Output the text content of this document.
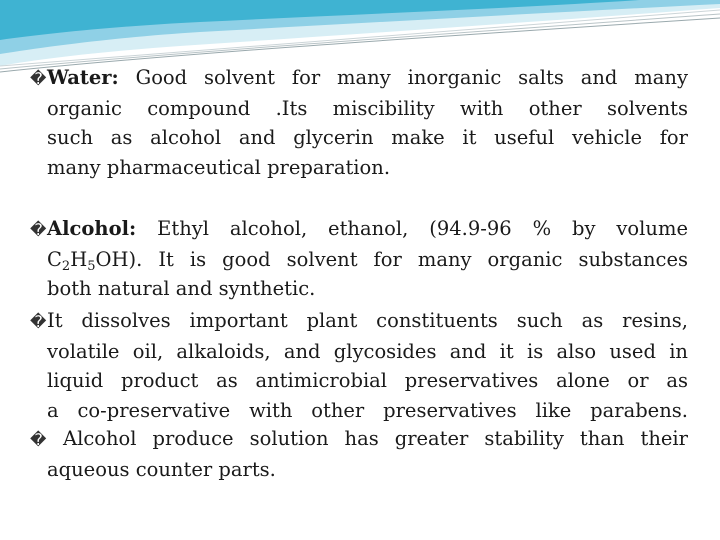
�Water: Good solvent for many inorganic salts and many
organic compound .Its miscibility with other solvents
such as alcohol and glycerin make it useful vehicle for
many pharmaceutical preparation.
�Alcohol: Ethyl alcohol, ethanol, (94.9-96 % by volume
$C_2H_5OH$). It is good solvent for many organic substances
both natural and synthetic.
�It dissolves important plant constituents such as resins,
volatile oil, alkaloids, and glycosides and it is also used in
liquid product as antimicrobial preservatives alone or as
a co-preservative with other preservatives like parabens.
� Alcohol produce solution has greater stability than their
aqueous counter parts.
